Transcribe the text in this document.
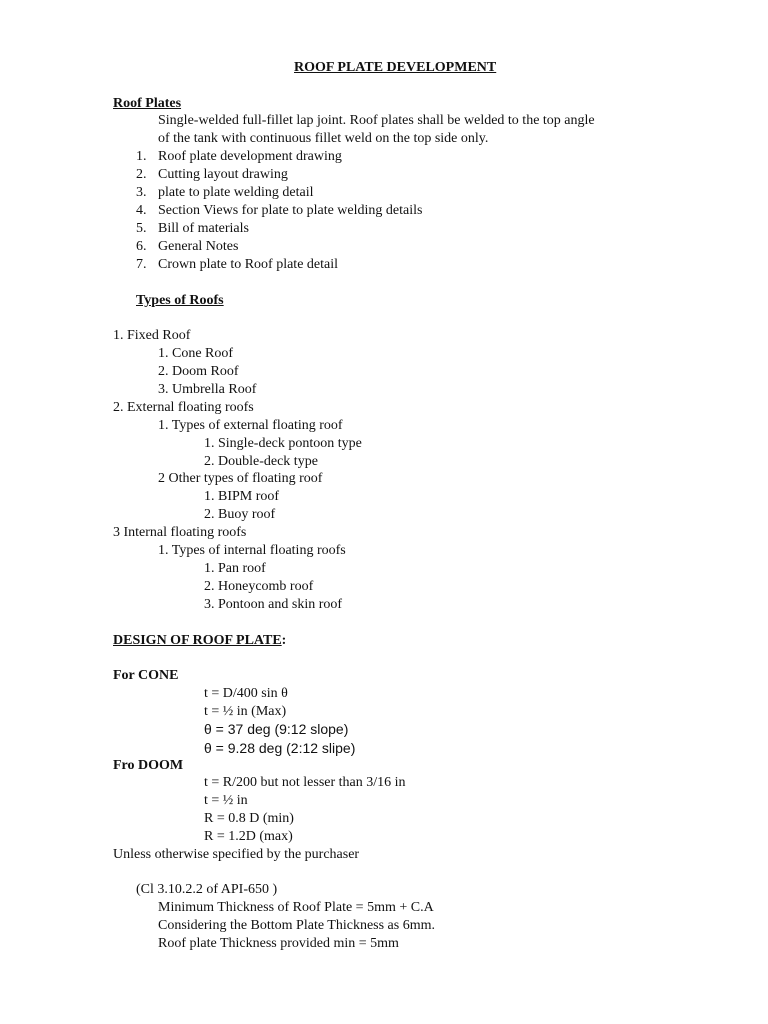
ROOF PLATE DEVELOPMENT
Roof Plates
Single-welded full-fillet lap joint. Roof plates shall be welded to the top angle
of the tank with continuous fillet weld on the top side only.
1. Roof plate development drawing
2. Cutting layout drawing
3. plate to plate welding detail
4. Section Views for plate to plate welding details
5. Bill of materials
6. General Notes
7. Crown plate to Roof plate detail
Types of Roofs
1. Fixed Roof
1. Cone Roof
2. Doom Roof
3. Umbrella Roof
2. External floating roofs
1. Types of external floating roof
1. Single-deck pontoon type
2. Double-deck type
2 Other types of floating roof
1. BIPM roof
2. Buoy roof
3 Internal floating roofs
1. Types of internal floating roofs
1. Pan roof
2. Honeycomb roof
3. Pontoon and skin roof
DESIGN OF ROOF PLATE:
For CONE
t = D/400 sin θ
t = ½ in (Max)
θ = 37 deg (9:12 slope)
θ = 9.28 deg (2:12 slipe)
Fro DOOM
t = R/200 but not lesser than 3/16 in
t = ½ in
R = 0.8 D (min)
R = 1.2D (max)
Unless otherwise specified by the purchaser
(Cl 3.10.2.2 of API-650 )
Minimum Thickness of Roof Plate = 5mm + C.A
Considering the Bottom Plate Thickness as 6mm.
Roof plate Thickness provided min = 5mm
